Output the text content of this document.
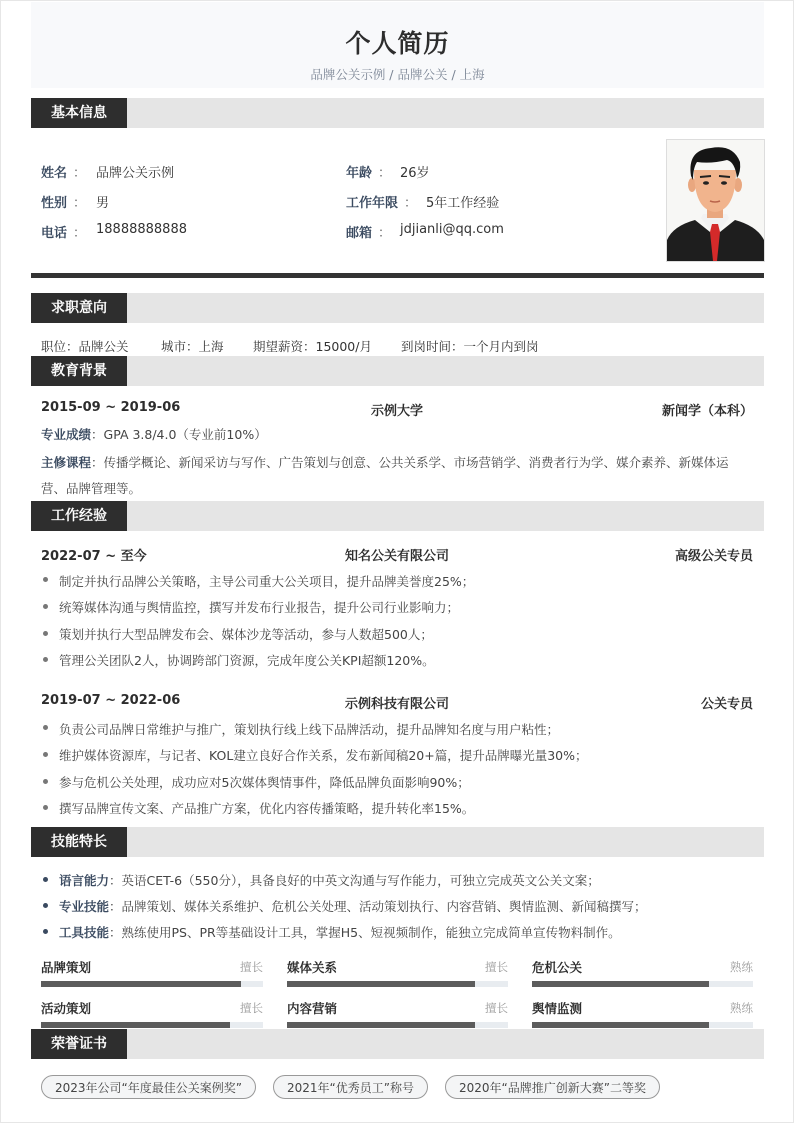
个人简历
品牌公关示例 / 品牌公关 / 上海
基本信息
姓名 ： 品牌公关示例
性别 ： 男
电话 ： 18888888888
年龄 ： 26岁
工作年限 ： 5年工作经验
邮箱 ： jdjianli@qq.com
求职意向
职位：品牌公关	城市：上海 期望薪资：15000/月 到岗时间：一个月内到岗
教育背景
2015-09 ~ 2019-06	示例大学	新闻学（本科）
专业成绩：GPA 3.8/4.0（专业前10%）
主修课程：传播学概论、新闻采访与写作、广告策划与创意、公共关系学、市场营销学、消费者行为学、媒介素养、新媒体运营、品牌管理等。
工作经验
2022-07 ~ 至今	知名公关有限公司	高级公关专员
制定并执行品牌公关策略，主导公司重大公关项目，提升品牌美誉度25%；
统筹媒体沟通与舆情监控，撰写并发布行业报告，提升公司行业影响力；
策划并执行大型品牌发布会、媒体沙龙等活动，参与人数超500人；
管理公关团队2人，协调跨部门资源，完成年度公关KPI超额120%。
2019-07 ~ 2022-06	示例科技有限公司	公关专员
负责公司品牌日常维护与推广，策划执行线上线下品牌活动，提升品牌知名度与用户粘性；
维护媒体资源库，与记者、KOL建立良好合作关系，发布新闻稿20+篇，提升品牌曝光量30%；
参与危机公关处理，成功应对5次媒体舆情事件，降低品牌负面影响90%；
撰写品牌宣传文案、产品推广方案，优化内容传播策略，提升转化率15%。
技能特长
语言能力：英语CET-6（550分），具备良好的中英文沟通与写作能力，可独立完成英文公关文案；
专业技能：品牌策划、媒体关系维护、危机公关处理、活动策划执行、内容营销、舆情监测、新闻稿撰写；
工具技能：熟练使用PS、PR等基础设计工具，掌握H5、短视频制作，能独立完成简单宣传物料制作。
品牌策划	擅长 媒体关系	擅长 危机公关	熟练
活动策划	擅长 内容营销	擅长 舆情监测	熟练
荣誉证书
2023年公司“年度最佳公关案例奖”	2021年“优秀员工”称号	2020年“品牌推广创新大赛”二等奖
